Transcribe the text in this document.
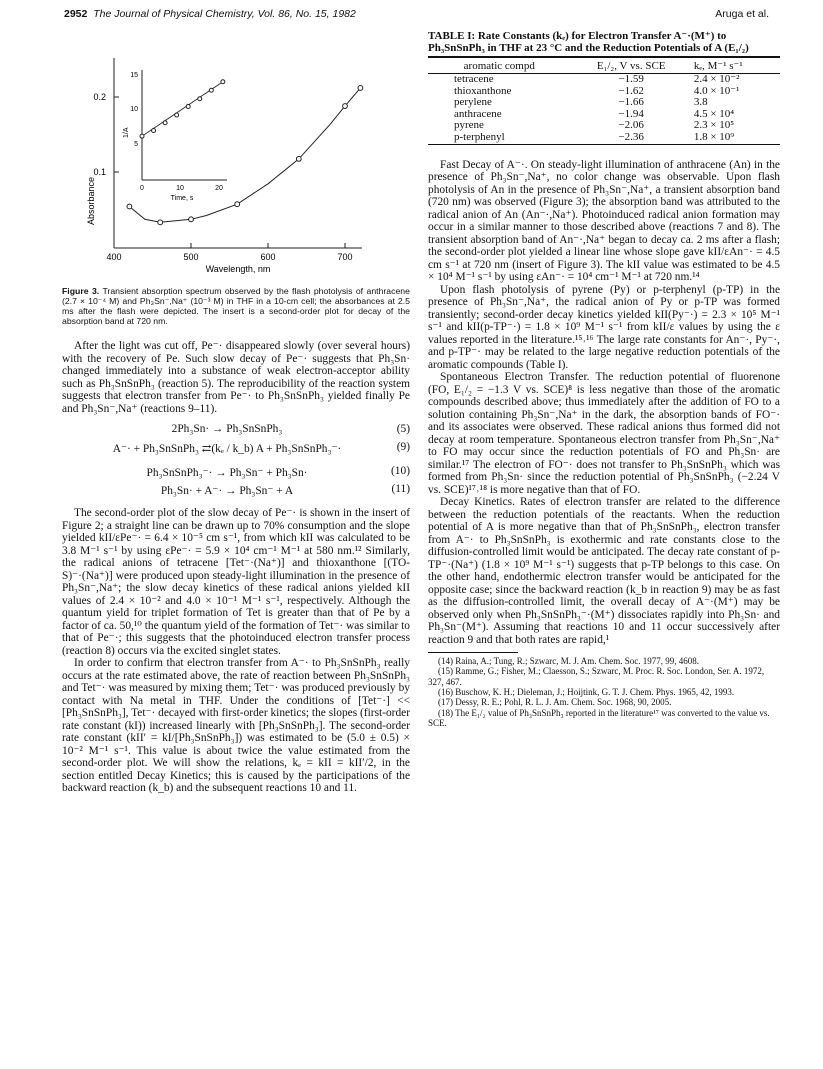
2952 The Journal of Physical Chemistry, Vol. 86, No. 15, 1982	Aruga et al.
0.2
0.1
Absorbance
400	500	600	700
15
10
5
1/A
0	10	20
Time, s
Wavelength, nm

Figure 3. Transient absorption spectrum observed by the flash photolysis of anthracene (2.7 × 10⁻⁴ M) and Ph₃Sn⁻,Na⁺ (10⁻³ M) in THF in a 10-cm cell; the absorbances at 2.5 ms after the flash were depicted. The insert is a second-order plot for decay of the absorption band at 720 nm.

After the light was cut off, Pe⁻· disappeared slowly (over several hours) with the recovery of Pe. Such slow decay of Pe⁻· suggests that Ph₃Sn· changed immediately into a substance of weak electron-acceptor ability such as Ph₃SnSnPh₃ (reaction 5). The reproducibility of the reaction system suggests that electron transfer from Pe⁻· to Ph₃SnSnPh₃ yielded finally Pe and Ph₃Sn⁻,Na⁺ (reactions 9–11).

2Ph₃Sn· → Ph₃SnSnPh₃	(5)
A⁻· + Ph₃SnSnPh₃ ⇄(kₑ / k_b) A + Ph₃SnSnPh₃⁻·	(9)
Ph₃SnSnPh₃⁻· → Ph₃Sn⁻ + Ph₃Sn·	(10)
Ph₃Sn· + A⁻· → Ph₃Sn⁻ + A	(11)

The second-order plot of the slow decay of Pe⁻· is shown in the insert of Figure 2; a straight line can be drawn up to 70% consumption and the slope yielded kII/εPe⁻· = 6.4 × 10⁻⁵ cm s⁻¹, from which kII was calculated to be 3.8 M⁻¹ s⁻¹ by using εPe⁻· = 5.9 × 10⁴ cm⁻¹ M⁻¹ at 580 nm.¹² Similarly, the radical anions of tetracene [Tet⁻·(Na⁺)] and thioxanthone [(TO-S)⁻·(Na⁺)] were produced upon steady-light illumination in the presence of Ph₃Sn⁻,Na⁺; the slow decay kinetics of these radical anions yielded kII values of 2.4 × 10⁻² and 4.0 × 10⁻¹ M⁻¹ s⁻¹, respectively. Although the quantum yield for triplet formation of Tet is greater than that of Pe by a factor of ca. 50,¹⁰ the quantum yield of the formation of Tet⁻· was similar to that of Pe⁻·; this suggests that the photoinduced electron transfer process (reaction 8) occurs via the excited singlet states.

In order to confirm that electron transfer from A⁻· to Ph₃SnSnPh₃ really occurs at the rate estimated above, the rate of reaction between Ph₃SnSnPh₃ and Tet⁻· was measured by mixing them; Tet⁻· was produced previously by contact with Na metal in THF. Under the conditions of [Tet⁻·] << [Ph₃SnSnPh₃], Tet⁻· decayed with first-order kinetics; the slopes (first-order rate constant (kI)) increased linearly with [Ph₃SnSnPh₃]. The second-order rate constant (kII′ = kI/[Ph₃SnSnPh₃]) was estimated to be (5.0 ± 0.5) × 10⁻² M⁻¹ s⁻¹. This value is about twice the value estimated from the second-order plot. We will show the relations, kₑ = kII = kII′/2, in the section entitled Decay Kinetics; this is caused by the participations of the backward reaction (k_b) and the subsequent reactions 10 and 11.

TABLE I: Rate Constants (kₑ) for Electron Transfer A⁻·(M⁺) to Ph₃SnSnPh₃ in THF at 23 °C and the Reduction Potentials of A (E₁/₂)

aromatic compd	E₁/₂, V vs. SCE	kₑ, M⁻¹ s⁻¹
tetracene	−1.59	2.4 × 10⁻²
thioxanthone	−1.62	4.0 × 10⁻¹
perylene	−1.66	3.8
anthracene	−1.94	4.5 × 10⁴
pyrene	−2.06	2.3 × 10⁵
p-terphenyl	−2.36	1.8 × 10⁹

Fast Decay of A⁻·. On steady-light illumination of anthracene (An) in the presence of Ph₃Sn⁻,Na⁺, no color change was observable. Upon flash photolysis of An in the presence of Ph₃Sn⁻,Na⁺, a transient absorption band (720 nm) was observed (Figure 3); the absorption band was attributed to the radical anion of An (An⁻·,Na⁺). Photoinduced radical anion formation may occur in a similar manner to those described above (reactions 7 and 8). The transient absorption band of An⁻·,Na⁺ began to decay ca. 2 ms after a flash; the second-order plot yielded a linear line whose slope gave kII/εAn⁻· = 4.5 cm s⁻¹ at 720 nm (insert of Figure 3). The kII value was estimated to be 4.5 × 10⁴ M⁻¹ s⁻¹ by using εAn⁻· = 10⁴ cm⁻¹ M⁻¹ at 720 nm.¹⁴

Upon flash photolysis of pyrene (Py) or p-terphenyl (p-TP) in the presence of Ph₃Sn⁻,Na⁺, the radical anion of Py or p-TP was formed transiently; second-order decay kinetics yielded kII(Py⁻·) = 2.3 × 10⁵ M⁻¹ s⁻¹ and kII(p-TP⁻·) = 1.8 × 10⁹ M⁻¹ s⁻¹ from kII/ε values by using the ε values reported in the literature.¹⁵˒¹⁶ The large rate constants for An⁻·, Py⁻·, and p-TP⁻· may be related to the large negative reduction potentials of the aromatic compounds (Table I).

Spontaneous Electron Transfer. The reduction potential of fluorenone (FO, E₁/₂ = −1.3 V vs. SCE)⁸ is less negative than those of the aromatic compounds described above; thus immediately after the addition of FO to a solution containing Ph₃Sn⁻,Na⁺ in the dark, the absorption bands of FO⁻· and its associates were observed. These radical anions thus formed did not decay at room temperature. Spontaneous electron transfer from Ph₃Sn⁻,Na⁺ to FO may occur since the reduction potentials of FO and Ph₃Sn· are similar.¹⁷ The electron of FO⁻· does not transfer to Ph₃SnSnPh₃ which was formed from Ph₃Sn· since the reduction potential of Ph₃SnSnPh₃ (−2.24 V vs. SCE)¹⁷˒¹⁸ is more negative than that of FO.

Decay Kinetics. Rates of electron transfer are related to the difference between the reduction potentials of the reactants. When the reduction potential of A is more negative than that of Ph₃SnSnPh₃, electron transfer from A⁻· to Ph₃SnSnPh₃ is exothermic and rate constants close to the diffusion-controlled limit would be anticipated. The decay rate constant of p-TP⁻·(Na⁺) (1.8 × 10⁹ M⁻¹ s⁻¹) suggests that p-TP belongs to this case. On the other hand, endothermic electron transfer would be anticipated for the opposite case; since the backward reaction (k_b in reaction 9) may be as fast as the diffusion-controlled limit, the overall decay of A⁻·(M⁺) may be observed only when Ph₃SnSnPh₃⁻·(M⁺) dissociates rapidly into Ph₃Sn· and Ph₃Sn⁻(M⁺). Assuming that reactions 10 and 11 occur successively after reaction 9 and that both rates are rapid,¹

(14) Raina, A.; Tung, R.; Szwarc, M. J. Am. Chem. Soc. 1977, 99, 4608.
(15) Ramme, G.; Fisher, M.; Claesson, S.; Szwarc, M. Proc. R. Soc. London, Ser. A. 1972, 327, 467.
(16) Buschow, K. H.; Dieleman, J.; Hoijtink, G. T. J. Chem. Phys. 1965, 42, 1993.
(17) Dessy, R. E.; Pohl, R. L. J. Am. Chem. Soc. 1968, 90, 2005.
(18) The E₁/₂ value of Ph₃SnSnPh₃ reported in the literature¹⁷ was converted to the value vs. SCE.
